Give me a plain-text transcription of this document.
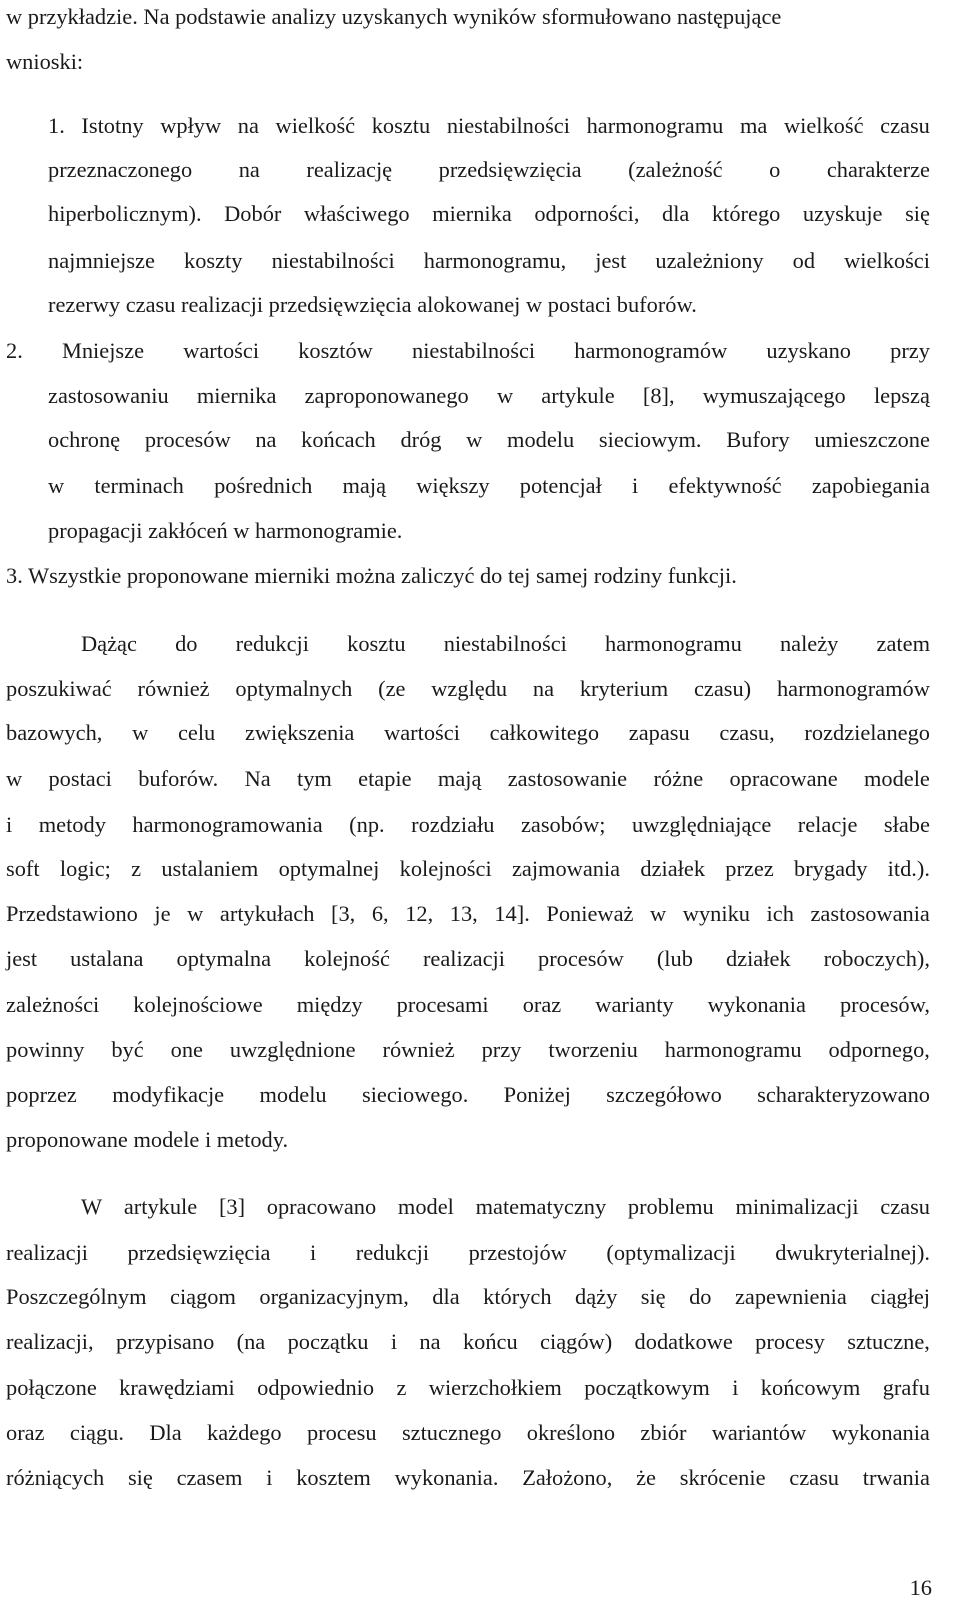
w przykładzie. Na podstawie analizy uzyskanych wyników sformułowano następujące
wnioski:
1. Istotny wpływ na wielkość kosztu niestabilności harmonogramu ma wielkość czasu
przeznaczonego na realizację przedsięwzięcia (zależność o charakterze
hiperbolicznym). Dobór właściwego miernika odporności, dla którego uzyskuje się
najmniejsze koszty niestabilności harmonogramu, jest uzależniony od wielkości
rezerwy czasu realizacji przedsięwzięcia alokowanej w postaci buforów.
2. Mniejsze wartości kosztów niestabilności harmonogramów uzyskano przy
zastosowaniu miernika zaproponowanego w artykule [8], wymuszającego lepszą
ochronę procesów na końcach dróg w modelu sieciowym. Bufory umieszczone
w terminach pośrednich mają większy potencjał i efektywność zapobiegania
propagacji zakłóceń w harmonogramie.
3. Wszystkie proponowane mierniki można zaliczyć do tej samej rodziny funkcji.
Dążąc do redukcji kosztu niestabilności harmonogramu należy zatem
poszukiwać również optymalnych (ze względu na kryterium czasu) harmonogramów
bazowych, w celu zwiększenia wartości całkowitego zapasu czasu, rozdzielanego
w postaci buforów. Na tym etapie mają zastosowanie różne opracowane modele
i metody harmonogramowania (np. rozdziału zasobów; uwzględniające relacje słabe
soft logic; z ustalaniem optymalnej kolejności zajmowania działek przez brygady itd.).
Przedstawiono je w artykułach [3, 6, 12, 13, 14]. Ponieważ w wyniku ich zastosowania
jest ustalana optymalna kolejność realizacji procesów (lub działek roboczych),
zależności kolejnościowe między procesami oraz warianty wykonania procesów,
powinny być one uwzględnione również przy tworzeniu harmonogramu odpornego,
poprzez modyfikacje modelu sieciowego. Poniżej szczegółowo scharakteryzowano
proponowane modele i metody.
W artykule [3] opracowano model matematyczny problemu minimalizacji czasu
realizacji przedsięwzięcia i redukcji przestojów (optymalizacji dwukryterialnej).
Poszczególnym ciągom organizacyjnym, dla których dąży się do zapewnienia ciągłej
realizacji, przypisano (na początku i na końcu ciągów) dodatkowe procesy sztuczne,
połączone krawędziami odpowiednio z wierzchołkiem początkowym i końcowym grafu
oraz ciągu. Dla każdego procesu sztucznego określono zbiór wariantów wykonania
różniących się czasem i kosztem wykonania. Założono, że skrócenie czasu trwania
16
